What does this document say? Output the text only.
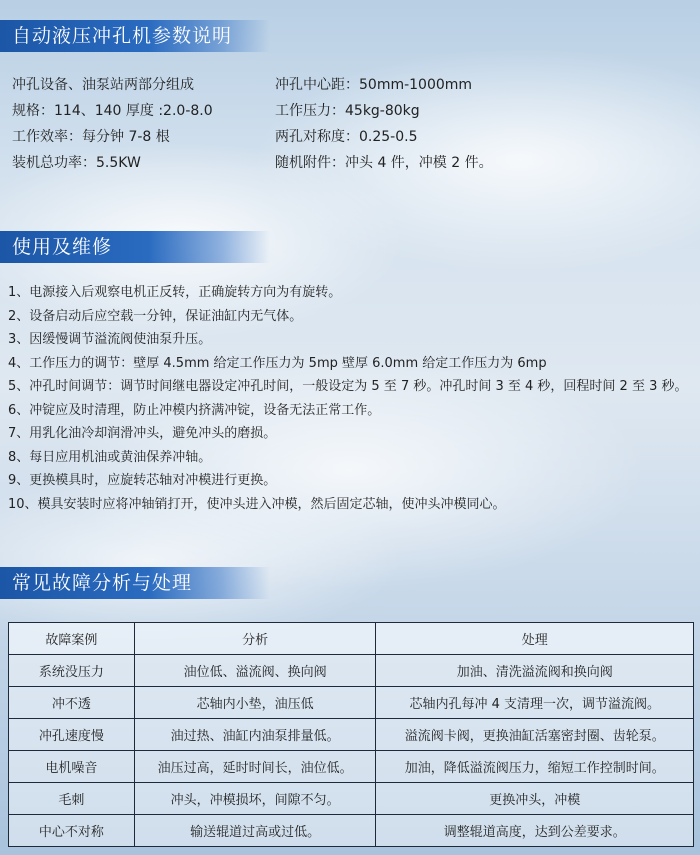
自动液压冲孔机参数说明
冲孔设备、油泵站两部分组成	冲孔中心距：50mm-1000mm
规格：114、140 厚度 :2.0-8.0	工作压力：45kg-80kg
工作效率：每分钟 7-8 根	两孔对称度：0.25-0.5
装机总功率：5.5KW	随机附件：冲头 4 件，冲模 2 件。
使用及维修
1、电源接入后观察电机正反转，正确旋转方向为有旋转。
2、设备启动后应空载一分钟，保证油缸内无气体。
3、因缓慢调节溢流阀使油泵升压。
4、工作压力的调节：壁厚 4.5mm 给定工作压力为 5mp 壁厚 6.0mm 给定工作压力为 6mp
5、冲孔时间调节：调节时间继电器设定冲孔时间，一般设定为 5 至 7 秒。冲孔时间 3 至 4 秒，回程时间 2 至 3 秒。
6、冲锭应及时清理，防止冲模内挤满冲锭，设备无法正常工作。
7、用乳化油冷却润滑冲头，避免冲头的磨损。
8、每日应用机油或黄油保养冲轴。
9、更换模具时，应旋转芯轴对冲模进行更换。
10、模具安装时应将冲轴销打开，使冲头进入冲模，然后固定芯轴，使冲头冲模同心。
常见故障分析与处理
故障案例	分析	处理
系统没压力	油位低、溢流阀、换向阀	加油、清洗溢流阀和换向阀
冲不透	芯轴内小垫，油压低	芯轴内孔每冲 4 支清理一次，调节溢流阀。
冲孔速度慢	油过热、油缸内油泵排量低。	溢流阀卡阀，更换油缸活塞密封圈、齿轮泵。
电机噪音	油压过高，延时时间长，油位低。	加油，降低溢流阀压力，缩短工作控制时间。
毛刺	冲头，冲模损坏，间隙不匀。	更换冲头，冲模
中心不对称	输送辊道过高或过低。	调整辊道高度，达到公差要求。
